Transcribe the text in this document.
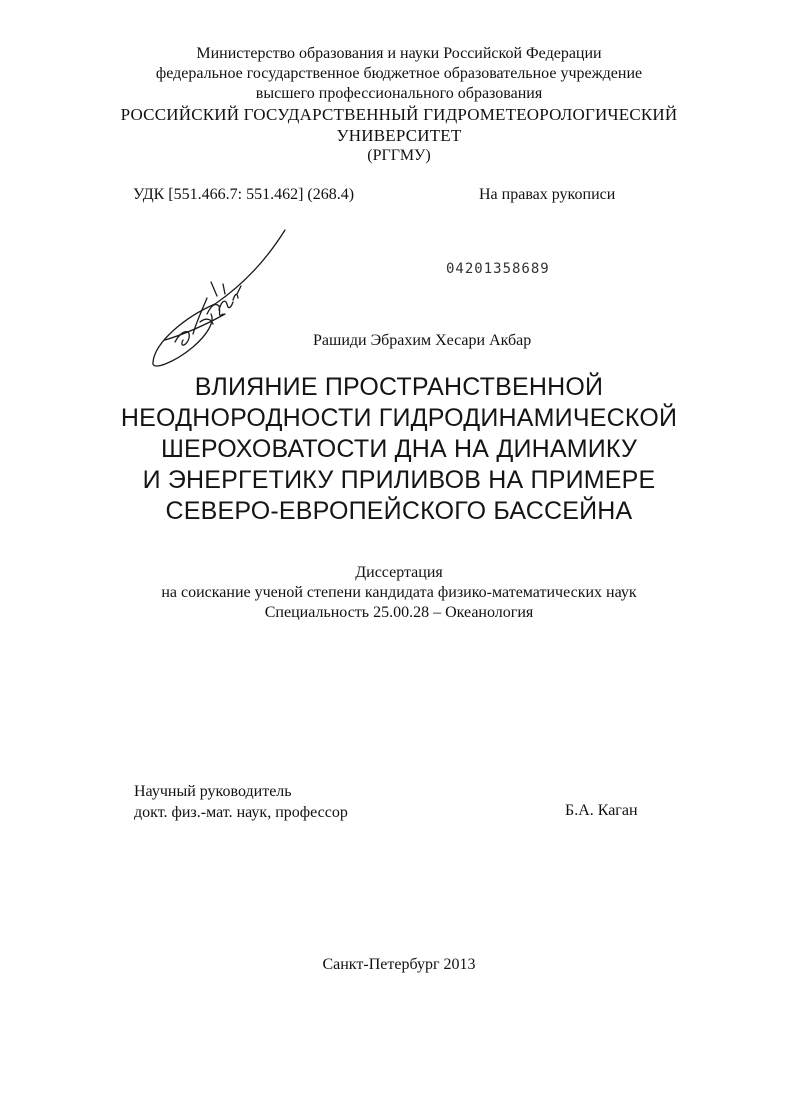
Министерство образования и науки Российской Федерации
федеральное государственное бюджетное образовательное учреждение
высшего профессионального образования
РОССИЙСКИЙ ГОСУДАРСТВЕННЫЙ ГИДРОМЕТЕОРОЛОГИЧЕСКИЙ
УНИВЕРСИТЕТ
(РГГМУ)
УДК [551.466.7: 551.462] (268.4)	На правах рукописи
04201358689
Рашиди Эбрахим Хесари Акбар
ВЛИЯНИЕ ПРОСТРАНСТВЕННОЙ
НЕОДНОРОДНОСТИ ГИДРОДИНАМИЧЕСКОЙ
ШЕРОХОВАТОСТИ ДНА НА ДИНАМИКУ
И ЭНЕРГЕТИКУ ПРИЛИВОВ НА ПРИМЕРЕ
СЕВЕРО-ЕВРОПЕЙСКОГО БАССЕЙНА
Диссертация
на соискание ученой степени кандидата физико-математических наук
Специальность 25.00.28 – Океанология
Научный руководитель
докт. физ.-мат. наук, профессор	Б.А. Каган
Санкт-Петербург 2013
